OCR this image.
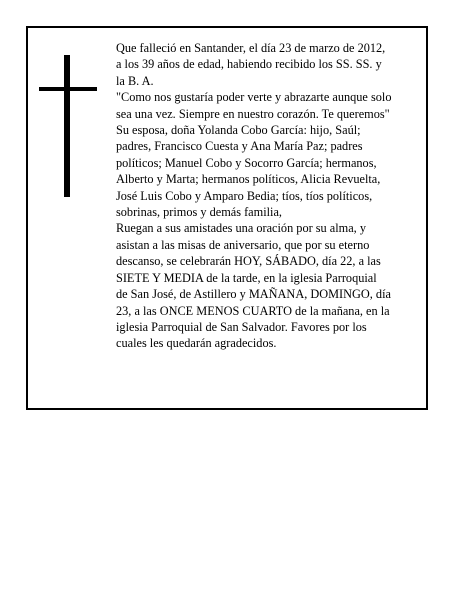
Que falleció en Santander, el día 23 de marzo de 2012,
a los 39 años de edad, habiendo recibido los SS. SS. y
la B. A.
"Como nos gustaría poder verte y abrazarte aunque solo
sea una vez. Siempre en nuestro corazón. Te queremos"
Su esposa, doña Yolanda Cobo García: hijo, Saúl;
padres, Francisco Cuesta y Ana María Paz; padres
políticos; Manuel Cobo y Socorro García; hermanos,
Alberto y Marta; hermanos políticos, Alicia Revuelta,
José Luis Cobo y Amparo Bedia; tíos, tíos políticos,
sobrinas, primos y demás familia,
Ruegan a sus amistades una oración por su alma, y
asistan a las misas de aniversario, que por su eterno
descanso, se celebrarán HOY, SÁBADO, día 22, a las
SIETE Y MEDIA de la tarde, en la iglesia Parroquial
de San José, de Astillero y MAÑANA, DOMINGO, día
23, a las ONCE MENOS CUARTO de la mañana, en la
iglesia Parroquial de San Salvador. Favores por los
cuales les quedarán agradecidos.
